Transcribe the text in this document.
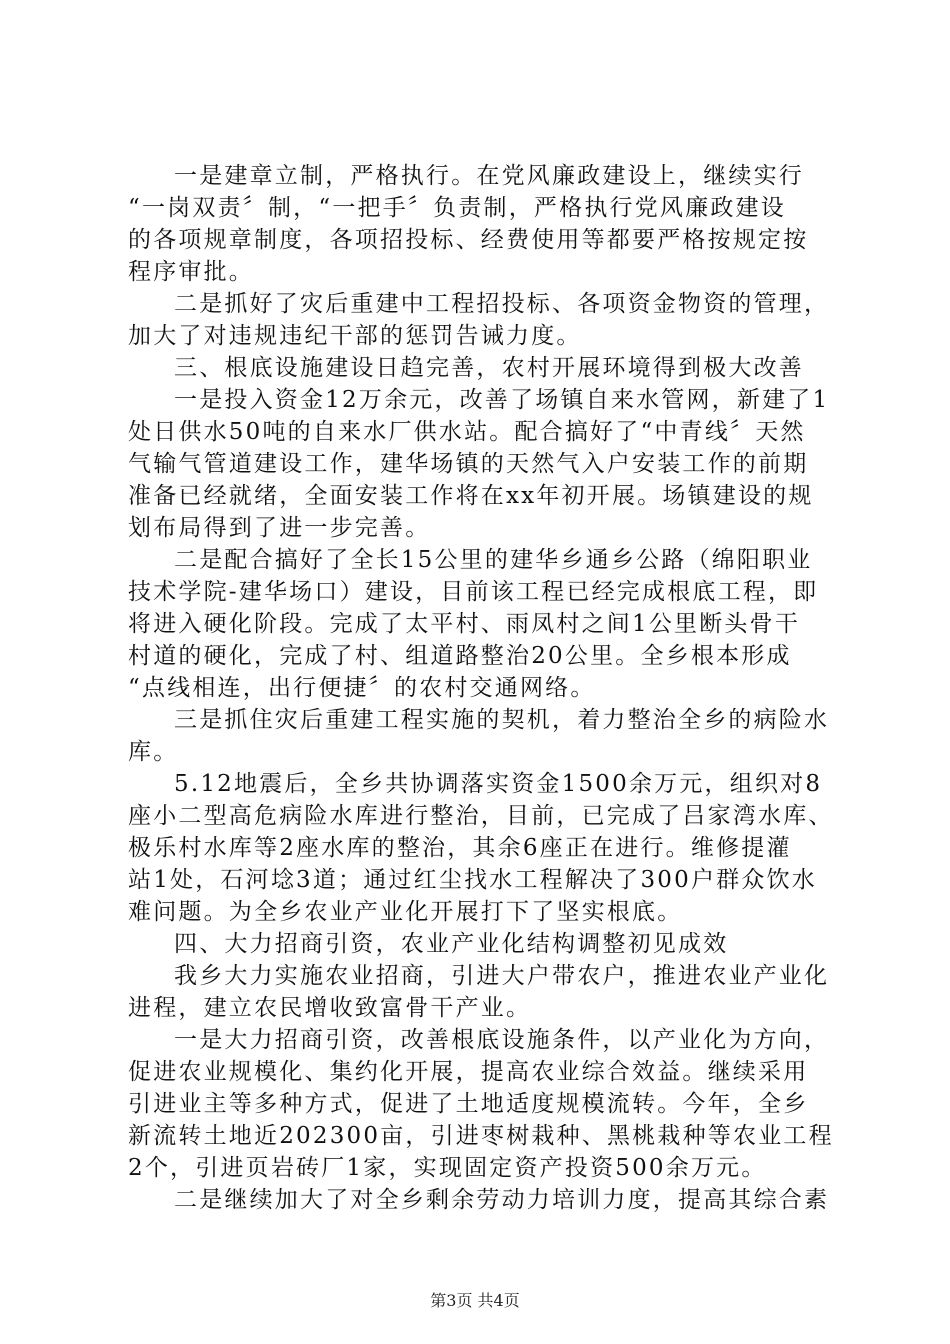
一是建章立制，严格执行。在党风廉政建设上，继续实行
“一岗双责〞制，“一把手〞负责制，严格执行党风廉政建设
的各项规章制度，各项招投标、经费使用等都要严格按规定按
程序审批。
二是抓好了灾后重建中工程招投标、各项资金物资的管理，
加大了对违规违纪干部的惩罚告诫力度。
三、根底设施建设日趋完善，农村开展环境得到极大改善
一是投入资金12万余元，改善了场镇自来水管网，新建了1
处日供水50吨的自来水厂供水站。配合搞好了“中青线〞天然
气输气管道建设工作，建华场镇的天然气入户安装工作的前期
准备已经就绪，全面安装工作将在xx年初开展。场镇建设的规
划布局得到了进一步完善。
二是配合搞好了全长15公里的建华乡通乡公路（绵阳职业
技术学院-建华场口）建设，目前该工程已经完成根底工程，即
将进入硬化阶段。完成了太平村、雨凤村之间1公里断头骨干
村道的硬化，完成了村、组道路整治20公里。全乡根本形成
“点线相连，出行便捷〞的农村交通网络。
三是抓住灾后重建工程实施的契机，着力整治全乡的病险水
库。
5.12地震后，全乡共协调落实资金1500余万元，组织对8
座小二型高危病险水库进行整治，目前，已完成了吕家湾水库、
极乐村水库等2座水库的整治，其余6座正在进行。维修提灌
站1处，石河埝3道；通过红尘找水工程解决了300户群众饮水
难问题。为全乡农业产业化开展打下了坚实根底。
四、大力招商引资，农业产业化结构调整初见成效
我乡大力实施农业招商，引进大户带农户，推进农业产业化
进程，建立农民增收致富骨干产业。
一是大力招商引资，改善根底设施条件，以产业化为方向，
促进农业规模化、集约化开展，提高农业综合效益。继续采用
引进业主等多种方式，促进了土地适度规模流转。今年，全乡
新流转土地近202300亩，引进枣树栽种、黑桃栽种等农业工程
2个，引进页岩砖厂1家，实现固定资产投资500余万元。
二是继续加大了对全乡剩余劳动力培训力度，提高其综合素
第3页 共4页
